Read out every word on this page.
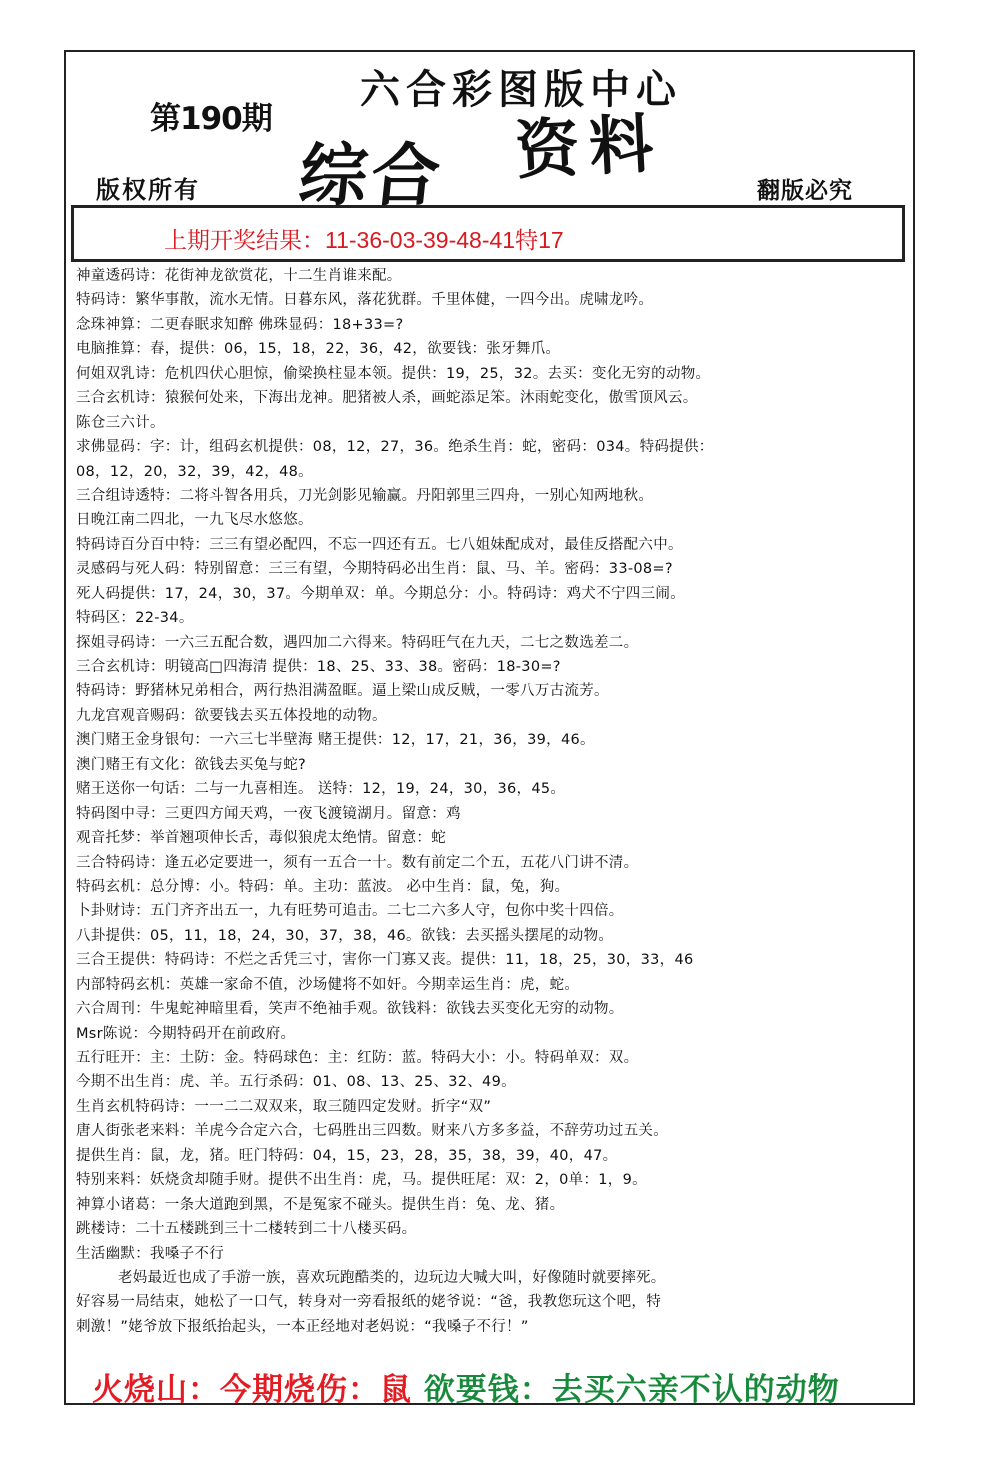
第190期
六合彩图版中心
综合 资料
版权所有	翻版必究
上期开奖结果：11-36-03-39-48-41特17
神童透码诗：花街神龙欲赏花，十二生肖谁来配。
特码诗：繁华事散，流水无情。日暮东风，落花犹群。千里体健，一四今出。虎啸龙吟。
念珠神算：二更春眠求知醉 佛珠显码：18+33=?
电脑推算：春，提供：06，15，18，22，36，42，欲要钱：张牙舞爪。
何姐双乳诗：危机四伏心胆惊，偷梁换柱显本领。提供：19，25，32。去买：变化无穷的动物。
三合玄机诗：猿猴何处来，下海出龙神。肥猪被人杀，画蛇添足笨。沐雨蛇变化，傲雪顶风云。
陈仓三六计。
求佛显码：字：计，组码玄机提供：08，12，27，36。绝杀生肖：蛇，密码：034。特码提供：
08，12，20，32，39，42，48。
三合组诗透特：二将斗智各用兵，刀光剑影见输赢。丹阳郭里三四舟，一别心知两地秋。
日晚江南二四北，一九飞尽水悠悠。
特码诗百分百中特：三三有望必配四，不忘一四还有五。七八姐妹配成对，最佳反搭配六中。
灵感码与死人码：特别留意：三三有望，今期特码必出生肖：鼠、马、羊。密码：33-08=?
死人码提供：17，24，30，37。今期单双：单。今期总分：小。特码诗：鸡犬不宁四三闹。
特码区：22-34。
探姐寻码诗：一六三五配合数，遇四加二六得来。特码旺气在九天，二七之数选差二。
三合玄机诗：明镜高□四海清 提供：18、25、33、38。密码：18-30=?
特码诗：野猪林兄弟相合，两行热泪满盈眶。逼上梁山成反贼，一零八万古流芳。
九龙宫观音赐码：欲要钱去买五体投地的动物。
澳门赌王金身银句：一六三七半壁海 赌王提供：12，17，21，36，39，46。
澳门赌王有文化：欲钱去买兔与蛇?
赌王送你一句话：二与一九喜相连。 送特：12，19，24，30，36，45。
特码图中寻：三更四方闻天鸡，一夜飞渡镜湖月。留意：鸡
观音托梦：举首翘项伸长舌，毒似狼虎太绝情。留意：蛇
三合特码诗：逢五必定要进一，须有一五合一十。数有前定二个五，五花八门讲不清。
特码玄机：总分博：小。特码：单。主功：蓝波。 必中生肖：鼠，兔，狗。
卜卦财诗：五门齐齐出五一，九有旺势可追击。二七二六多人守，包你中奖十四倍。
八卦提供：05，11，18，24，30，37，38，46。欲钱：去买摇头摆尾的动物。
三合王提供：特码诗：不烂之舌凭三寸，害你一门寡又丧。提供：11，18，25，30，33，46
内部特码玄机：英雄一家命不值，沙场健将不如奸。今期幸运生肖：虎，蛇。
六合周刊：牛鬼蛇神暗里看，笑声不绝袖手观。欲钱料：欲钱去买变化无穷的动物。
Msr陈说：今期特码开在前政府。
五行旺开：主：土防：金。特码球色：主：红防：蓝。特码大小：小。特码单双：双。
今期不出生肖：虎、羊。五行杀码：01、08、13、25、32、49。
生肖玄机特码诗：一一二二双双来，取三随四定发财。折字“双”
唐人街张老来料：羊虎今合定六合，七码胜出三四数。财来八方多多益，不辞劳功过五关。
提供生肖：鼠，龙，猪。旺门特码：04，15，23，28，35，38，39，40，47。
特别来料：妖烧贪却随手财。提供不出生肖：虎，马。提供旺尾：双：2，0单：1，9。
神算小诸葛：一条大道跑到黑，不是冤家不碰头。提供生肖：兔、龙、猪。
跳楼诗：二十五楼跳到三十二楼转到二十八楼买码。
生活幽默：我嗓子不行
老妈最近也成了手游一族，喜欢玩跑酷类的，边玩边大喊大叫，好像随时就要摔死。
好容易一局结束，她松了一口气，转身对一旁看报纸的姥爷说：“爸，我教您玩这个吧，特
刺激！”姥爷放下报纸抬起头，一本正经地对老妈说：“我嗓子不行！”
火烧山：今期烧伤：鼠 欲要钱：去买六亲不认的动物
